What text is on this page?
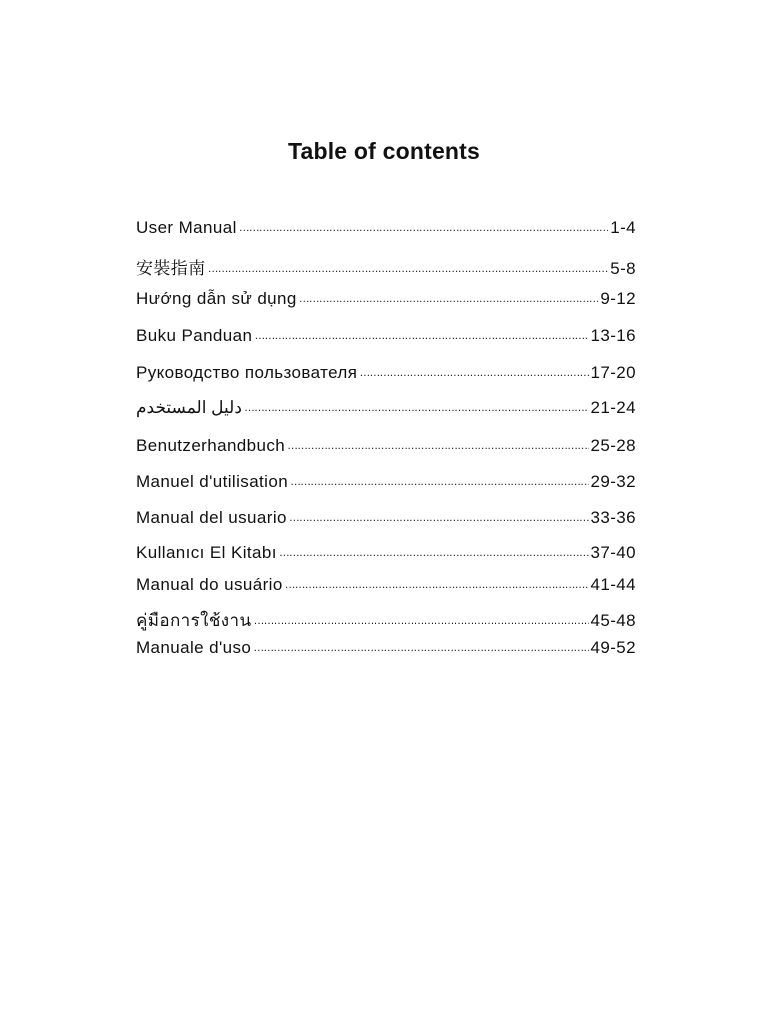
Table of contents
User Manual ……………………………………………………………………………………………………………………………………	1-4
安裝指南 ……………………………………………………………………………………………………………………………………	5-8
Hướng dẫn sử dụng ……………………………………………………………………………………………………………………………………	9-12
Buku Panduan ……………………………………………………………………………………………………………………………………	13-16
Руководство пользователя ……………………………………………………………………………………………………………………………………	17-20
دليل المستخدم ……………………………………………………………………………………………………………………………………	21-24
Benutzerhandbuch ……………………………………………………………………………………………………………………………………	25-28
Manuel d'utilisation ……………………………………………………………………………………………………………………………………	29-32
Manual del usuario ……………………………………………………………………………………………………………………………………	33-36
Kullanıcı El Kitabı ……………………………………………………………………………………………………………………………………	37-40
Manual do usuário ……………………………………………………………………………………………………………………………………	41-44
คู่มือการใช้งาน ……………………………………………………………………………………………………………………………………	45-48
Manuale d'uso ……………………………………………………………………………………………………………………………………	49-52
